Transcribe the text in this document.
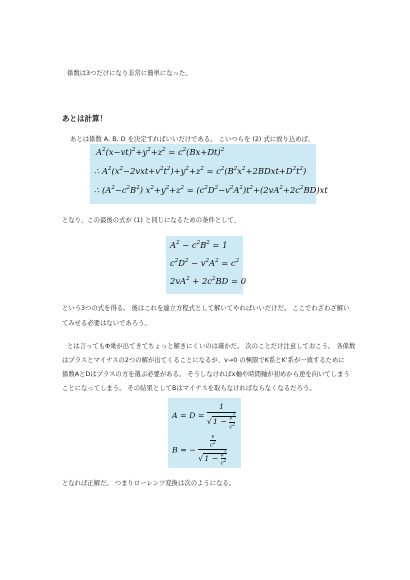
係数は3つだけになり非常に簡単になった。
あとは計算！
あとは係数 A, B, D を決定すればいいだけである。 こいつらを (2) 式に放り込めば、
$A^2(x-vt)^2+y^2+z^2 = c^2(Bx+Dt)^2$
∴ $A^2(x^2-2vxt+v^2t^2)+y^2+z^2$ = $c^2(B^2x^2+2BDxt+D^2t^2)$
∴ $(A^2-c^2B^2) x^2+y^2+z^2 = (c^2D^2-v^2A^2)t^2+(2vA^2+2c^2BD)xt$
となり、この最後の式が (1) と同じになるための条件として、
$A^2 - c^2B^2 = 1$
$c^2D^2 - v^2A^2 = c^2$
$2vA^2 + 2c^2BD = 0$
という3つの式を得る。 後はこれを連立方程式として解いてやればいいだけだ。 ここでわざわざ解い
てみせる必要はないであろう。
とは言ってもΦ乗が出てきてちょっと解きにくいのは確かだ。 次のことだけ注意しておこう。 各係数
はプラスとマイナスの2つの解が出てくることになるが、v→0 の極限でK系とK'系が一致するために
係数AとDはプラスの方を選ぶ必要がある。 そうしなければx軸や時間軸が初めから逆を向いてしまう
ことになってしまう。 その結果としてBはマイナスを取らなければならなくなるだろう。
$A = D = \frac{1}{√1 - \frac{v^2}{c^2}}$
B = − $\frac{\frac{v}{c^2}}{√1 - \frac{v^2}{c^2}}$
となれば正解だ。 つまりローレンツ変換は次のようになる。
